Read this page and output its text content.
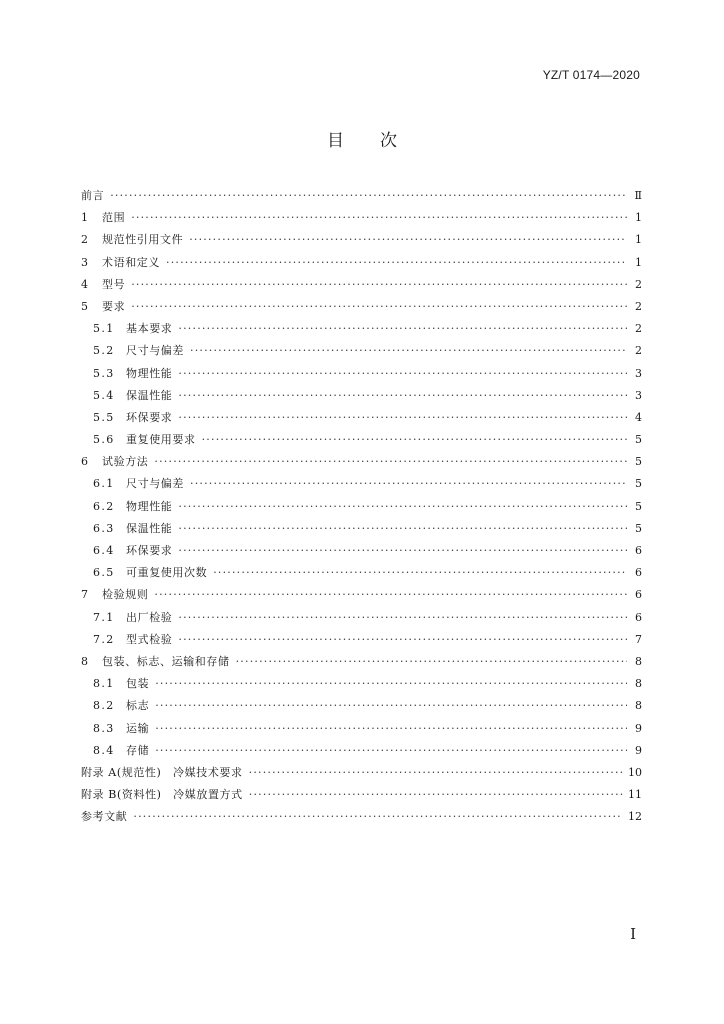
YZ/T 0174—2020
目 次
前言 ·····	Ⅱ
1	范围 ·····	1
2	规范性引用文件 ·····	1
3	术语和定义 ·····	1
4	型号 ·····	2
5	要求 ·····	2
5.1	基本要求 ·····	2
5.2	尺寸与偏差 ·····	2
5.3	物理性能 ·····	3
5.4	保温性能 ·····	3
5.5	环保要求 ·····	4
5.6	重复使用要求 ·····	5
6	试验方法 ·····	5
6.1	尺寸与偏差 ·····	5
6.2	物理性能 ·····	5
6.3	保温性能 ·····	5
6.4	环保要求 ·····	6
6.5	可重复使用次数 ·····	6
7	检验规则 ·····	6
7.1	出厂检验 ·····	6
7.2	型式检验 ·····	7
8	包装、标志、运输和存储 ·····	8
8.1	包装 ·····	8
8.2	标志 ·····	8
8.3	运输 ·····	9
8.4	存储 ·····	9
附录 A(规范性)　冷媒技术要求 ·····	10
附录 B(资料性)　冷媒放置方式 ·····	11
参考文献 ·····	12
Ⅰ
